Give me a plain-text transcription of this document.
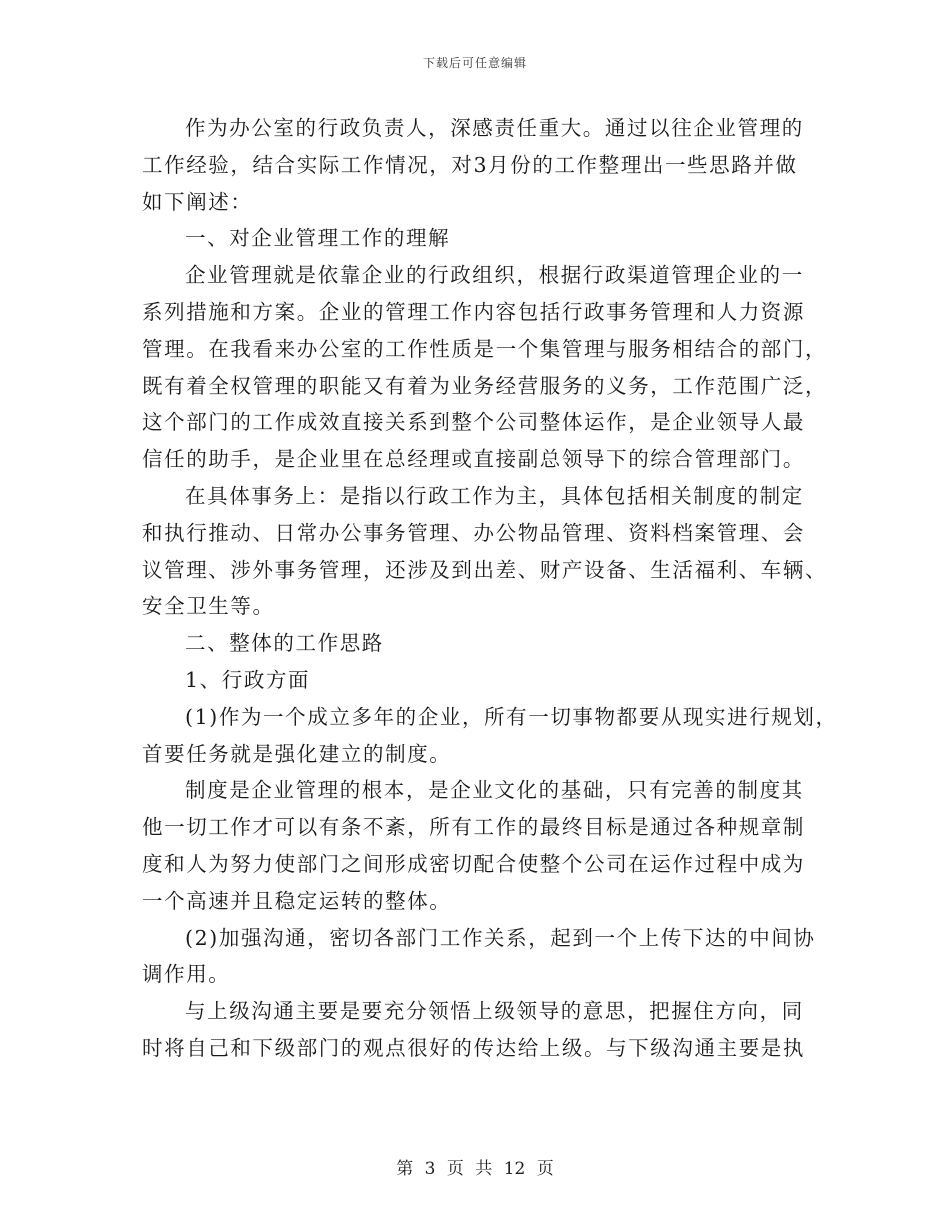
下载后可任意编辑
作为办公室的行政负责人，深感责任重大。通过以往企业管理的
工作经验，结合实际工作情况，对3月份的工作整理出一些思路并做
如下阐述：
一、对企业管理工作的理解
企业管理就是依靠企业的行政组织，根据行政渠道管理企业的一
系列措施和方案。企业的管理工作内容包括行政事务管理和人力资源
管理。在我看来办公室的工作性质是一个集管理与服务相结合的部门，
既有着全权管理的职能又有着为业务经营服务的义务，工作范围广泛，
这个部门的工作成效直接关系到整个公司整体运作，是企业领导人最
信任的助手，是企业里在总经理或直接副总领导下的综合管理部门。
在具体事务上：是指以行政工作为主，具体包括相关制度的制定
和执行推动、日常办公事务管理、办公物品管理、资料档案管理、会
议管理、涉外事务管理，还涉及到出差、财产设备、生活福利、车辆、
安全卫生等。
二、整体的工作思路
1、行政方面
(1)作为一个成立多年的企业，所有一切事物都要从现实进行规划，
首要任务就是强化建立的制度。
制度是企业管理的根本，是企业文化的基础，只有完善的制度其
他一切工作才可以有条不紊，所有工作的最终目标是通过各种规章制
度和人为努力使部门之间形成密切配合使整个公司在运作过程中成为
一个高速并且稳定运转的整体。
(2)加强沟通，密切各部门工作关系，起到一个上传下达的中间协
调作用。
与上级沟通主要是要充分领悟上级领导的意思，把握住方向，同
时将自己和下级部门的观点很好的传达给上级。与下级沟通主要是执
第 3 页 共 12 页
